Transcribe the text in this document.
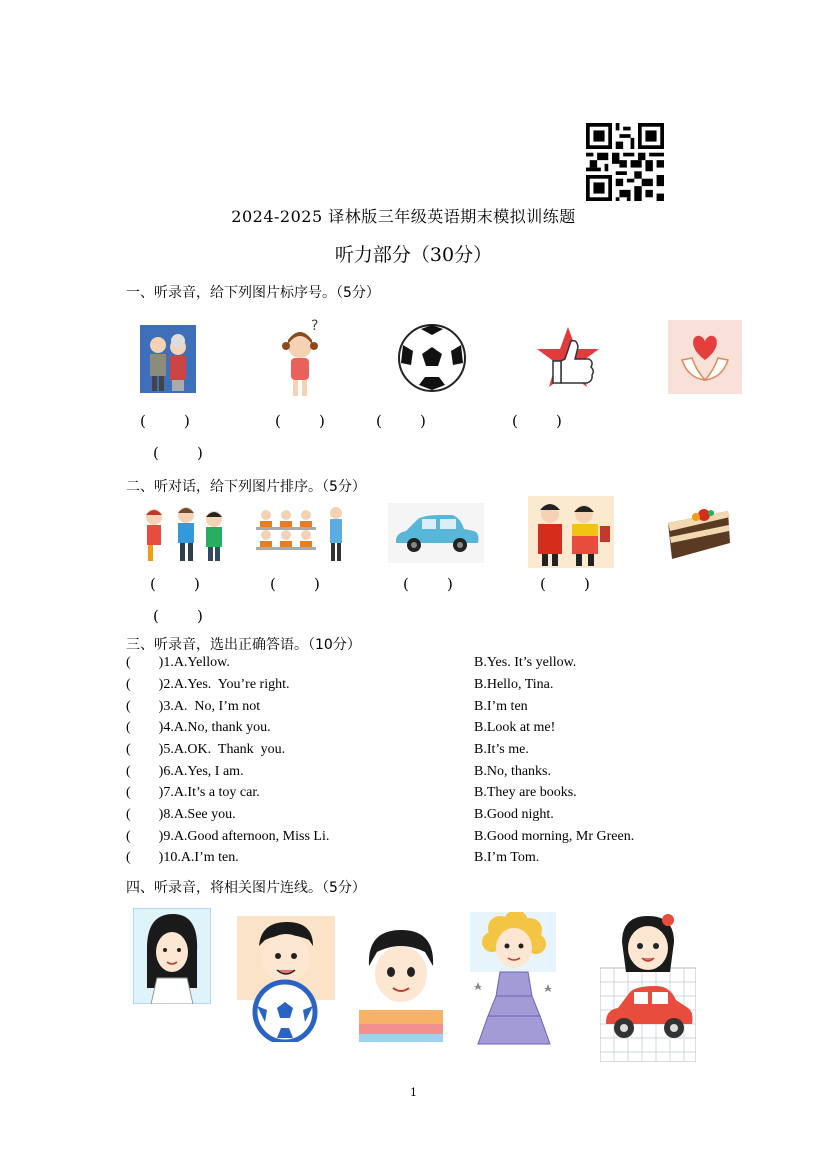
2024-2025 译林版三年级英语期末模拟训练题
听力部分（30分）
一、听录音，给下列图片标序号。（5分）
?
(        )	(        )	(        )	(        )
(        )
二、听对话，给下列图片排序。（5分）
(        )	(        )	(        )	(        )
(        )
三、听录音，选出正确答语。（10分）
(        )1.A.Yellow.	B.Yes. It’s yellow.
(        )2.A.Yes.  You’re right.	B.Hello, Tina.
(        )3.A.  No, I’m not	B.I’m ten
(        )4.A.No, thank you.	B.Look at me!
(        )5.A.OK.  Thank  you.	B.It’s me.
(        )6.A.Yes, I am.	B.No, thanks.
(        )7.A.It’s a toy car.	B.They are books.
(        )8.A.See you.	B.Good night.
(        )9.A.Good afternoon, Miss Li.	B.Good morning, Mr Green.
(        )10.A.I’m ten.	B.I’m Tom.
四、听录音，将相关图片连线。（5分）
1
